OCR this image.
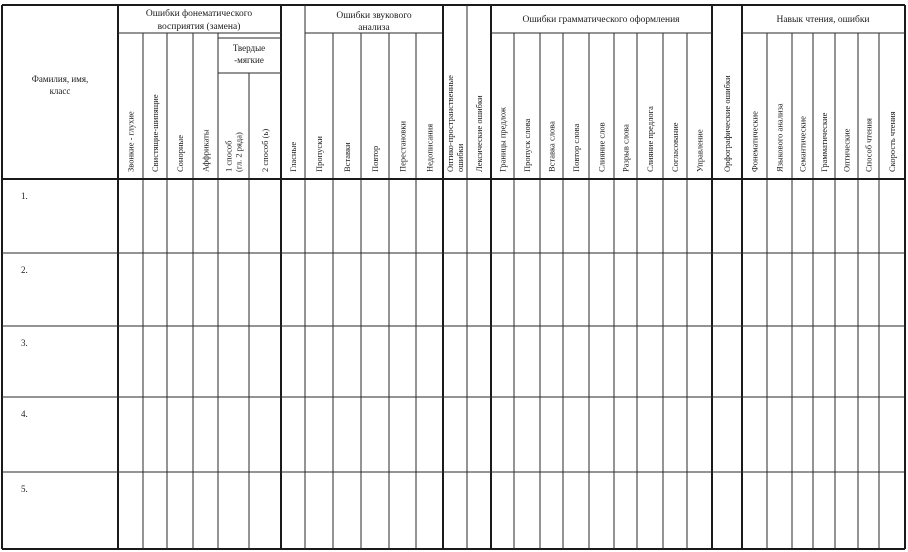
Фамилия, имя,
класс
Ошибки фонематического
восприятия (замена)
Твердые
-мягкие
Ошибки звукового
анализа
Ошибки грамматического оформления	Навык чтения, ошибки
Звонкие - глухие Свистящие-шипящие Сонорные Аффрикаты 1 способ (гл. 2 ряда) 2 способ (ь) Гласные Пропуски Вставки Повтор Перестановки Недописания Оптико-пространственные ошибки Лексические ошибки Границы предлож Пропуск слова Вставка слова Повтор слова Слияние слов Разрыв слова Слияние предлога Согласование Управление Орфографические ошибки Фонематические Языкового анализа Семантические Грамматические Оптические Способ чтения Скорость чтения
1.
2.
3.
4.
5.
